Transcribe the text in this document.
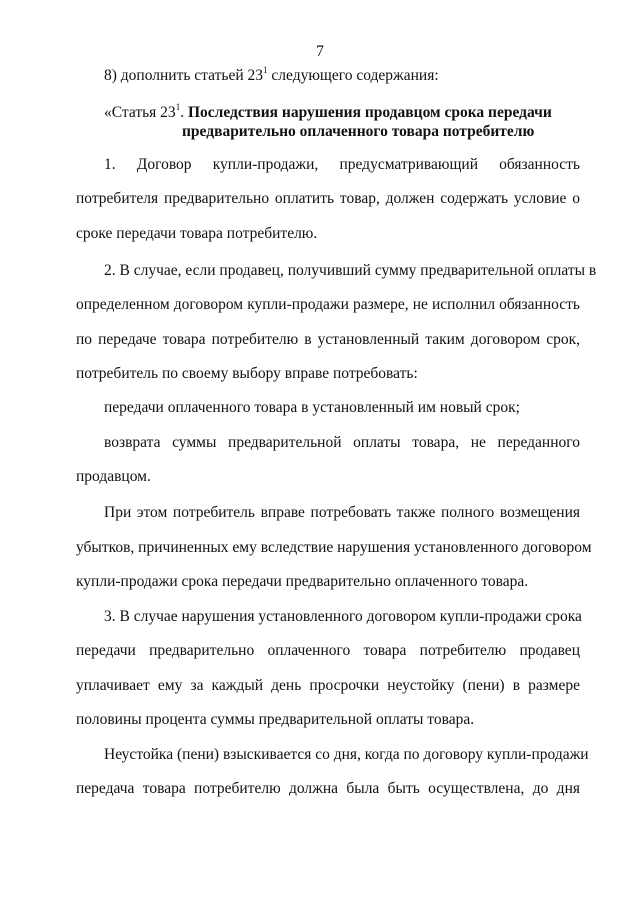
7
8) дополнить статьей $23^1$ следующего содержания:
«Статья $23^1$. Последствия нарушения продавцом срока передачи
предварительно оплаченного товара потребителю
1. Договор купли-продажи, предусматривающий обязанность
потребителя предварительно оплатить товар, должен содержать условие о
сроке передачи товара потребителю.
2. В случае, если продавец, получивший сумму предварительной оплаты в
определенном договором купли-продажи размере, не исполнил обязанность
по передаче товара потребителю в установленный таким договором срок,
потребитель по своему выбору вправе потребовать:
передачи оплаченного товара в установленный им новый срок;
возврата суммы предварительной оплаты товара, не переданного
продавцом.
При этом потребитель вправе потребовать также полного возмещения
убытков, причиненных ему вследствие нарушения установленного договором
купли-продажи срока передачи предварительно оплаченного товара.
3. В случае нарушения установленного договором купли-продажи срока
передачи предварительно оплаченного товара потребителю продавец
уплачивает ему за каждый день просрочки неустойку (пени) в размере
половины процента суммы предварительной оплаты товара.
Неустойка (пени) взыскивается со дня, когда по договору купли-продажи
передача товара потребителю должна была быть осуществлена, до дня
